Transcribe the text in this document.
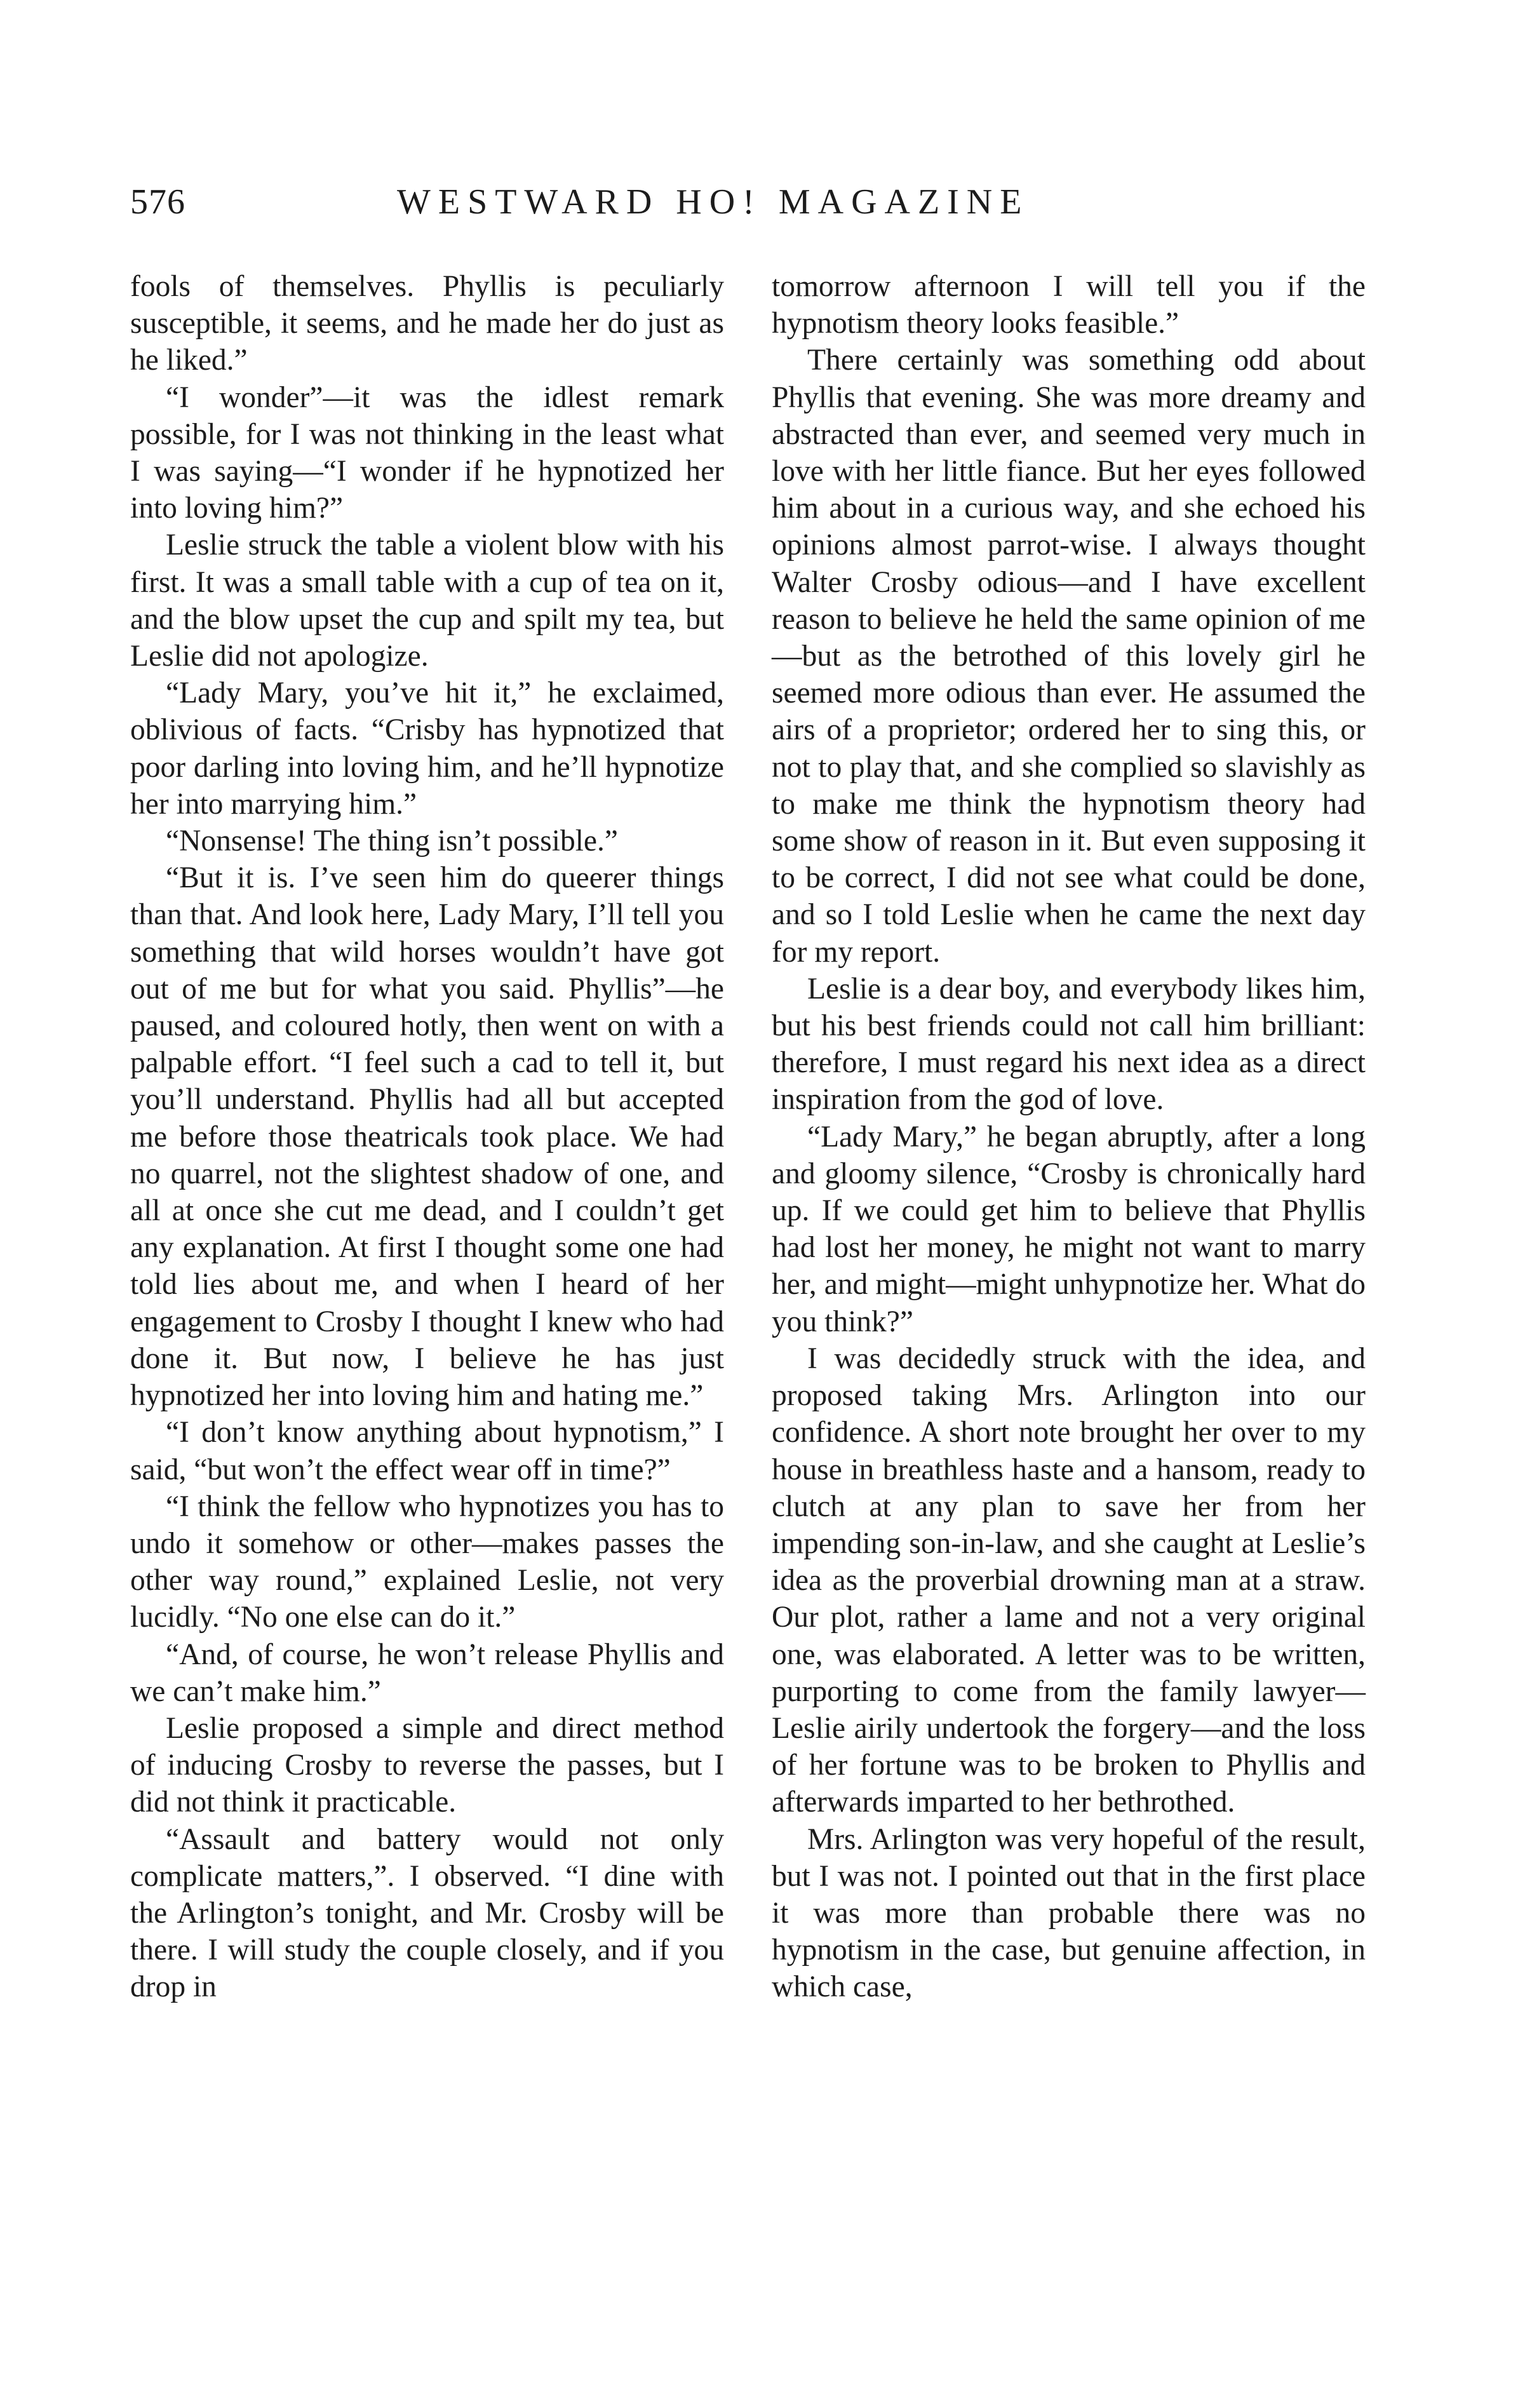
576	WESTWARD HO! MAGAZINE

fools of themselves. Phyllis is peculiarly susceptible, it seems, and he made her do just as he liked.”

“I wonder”—it was the idlest remark possible, for I was not thinking in the least what I was saying—“I wonder if he hypnotized her into loving him?”

Leslie struck the table a violent blow with his first. It was a small table with a cup of tea on it, and the blow upset the cup and spilt my tea, but Leslie did not apologize.

“Lady Mary, you’ve hit it,” he exclaimed, oblivious of facts. “Crisby has hypnotized that poor darling into loving him, and he’ll hypnotize her into marrying him.”

“Nonsense! The thing isn’t possible.”

“But it is. I’ve seen him do queerer things than that. And look here, Lady Mary, I’ll tell you something that wild horses wouldn’t have got out of me but for what you said. Phyllis”—he paused, and coloured hotly, then went on with a palpable effort. “I feel such a cad to tell it, but you’ll understand. Phyllis had all but accepted me before those theatricals took place. We had no quarrel, not the slightest shadow of one, and all at once she cut me dead, and I couldn’t get any explanation. At first I thought some one had told lies about me, and when I heard of her engagement to Crosby I thought I knew who had done it. But now, I believe he has just hypnotized her into loving him and hating me.”

“I don’t know anything about hypnotism,” I said, “but won’t the effect wear off in time?”

“I think the fellow who hypnotizes you has to undo it somehow or other—makes passes the other way round,” explained Leslie, not very lucidly. “No one else can do it.”

“And, of course, he won’t release Phyllis and we can’t make him.”

Leslie proposed a simple and direct method of inducing Crosby to reverse the passes, but I did not think it practicable.

“Assault and battery would not only complicate matters,”. I observed. “I dine with the Arlington’s tonight, and Mr. Crosby will be there. I will study the couple closely, and if you drop in

tomorrow afternoon I will tell you if the hypnotism theory looks feasible.”

There certainly was something odd about Phyllis that evening. She was more dreamy and abstracted than ever, and seemed very much in love with her little fiance. But her eyes followed him about in a curious way, and she echoed his opinions almost parrot-wise. I always thought Walter Crosby odious—and I have excellent reason to believe he held the same opinion of me—but as the betrothed of this lovely girl he seemed more odious than ever. He assumed the airs of a proprietor; ordered her to sing this, or not to play that, and she complied so slavishly as to make me think the hypnotism theory had some show of reason in it. But even supposing it to be correct, I did not see what could be done, and so I told Leslie when he came the next day for my report.

Leslie is a dear boy, and everybody likes him, but his best friends could not call him brilliant: therefore, I must regard his next idea as a direct inspiration from the god of love.

“Lady Mary,” he began abruptly, after a long and gloomy silence, “Crosby is chronically hard up. If we could get him to believe that Phyllis had lost her money, he might not want to marry her, and might—might unhypnotize her. What do you think?”

I was decidedly struck with the idea, and proposed taking Mrs. Arlington into our confidence. A short note brought her over to my house in breathless haste and a hansom, ready to clutch at any plan to save her from her impending son-in-law, and she caught at Leslie’s idea as the proverbial drowning man at a straw. Our plot, rather a lame and not a very original one, was elaborated. A letter was to be written, purporting to come from the family lawyer—Leslie airily undertook the forgery—and the loss of her fortune was to be broken to Phyllis and afterwards imparted to her bethrothed.

Mrs. Arlington was very hopeful of the result, but I was not. I pointed out that in the first place it was more than probable there was no hypnotism in the case, but genuine affection, in which case,
